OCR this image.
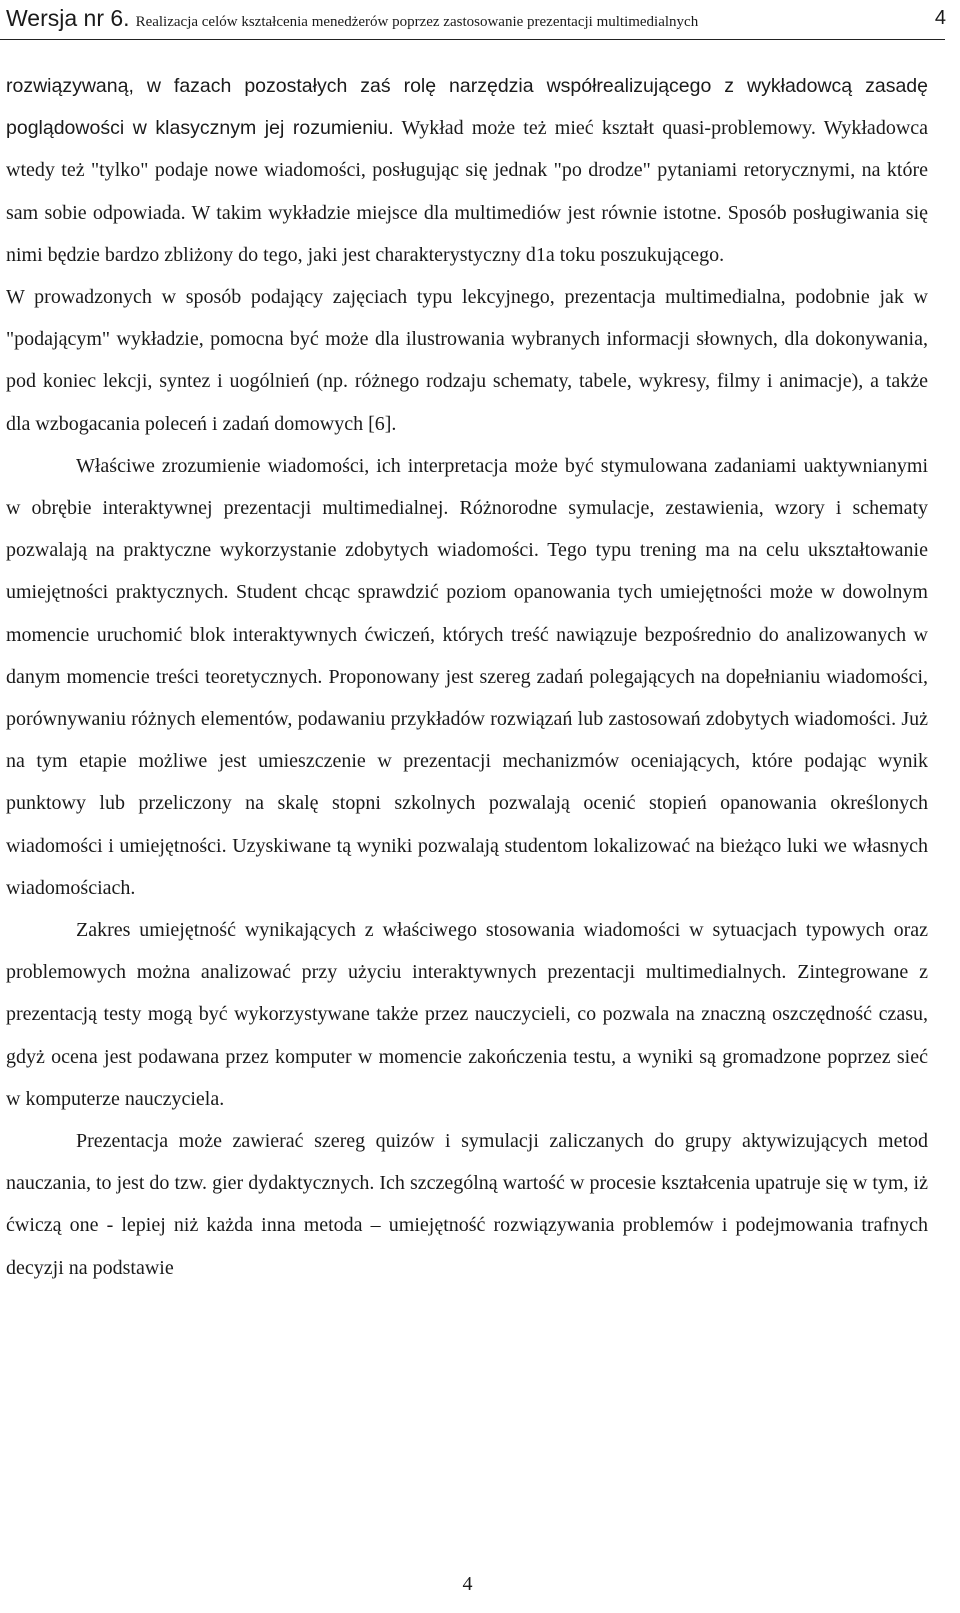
Wersja nr 6. Realizacja celów kształcenia menedżerów poprzez zastosowanie prezentacji multimedialnych	4

rozwiązywaną, w fazach pozostałych zaś rolę narzędzia współrealizującego z wykładowcą zasadę poglądowości w klasycznym jej rozumieniu. Wykład może też mieć kształt quasi-problemowy. Wykładowca wtedy też "tylko" podaje nowe wiadomości, posługując się jednak "po drodze" pytaniami retorycznymi, na które sam sobie odpowiada. W takim wykładzie miejsce dla multimediów jest równie istotne. Sposób posługiwania się nimi będzie bardzo zbliżony do tego, jaki jest charakterystyczny d1a toku poszukującego.

W prowadzonych w sposób podający zajęciach typu lekcyjnego, prezentacja multimedialna, podobnie jak w "podającym" wykładzie, pomocna być może dla ilustrowania wybranych informacji słownych, dla dokonywania, pod koniec lekcji, syntez i uogólnień (np. różnego rodzaju schematy, tabele, wykresy, filmy i animacje), a także dla wzbogacania poleceń i zadań domowych [6].

Właściwe zrozumienie wiadomości, ich interpretacja może być stymulowana zadaniami uaktywnianymi w obrębie interaktywnej prezentacji multimedialnej. Różnorodne symulacje, zestawienia, wzory i schematy pozwalają na praktyczne wykorzystanie zdobytych wiadomości. Tego typu trening ma na celu ukształtowanie umiejętności praktycznych. Student chcąc sprawdzić poziom opanowania tych umiejętności może w dowolnym momencie uruchomić blok interaktywnych ćwiczeń, których treść nawiązuje bezpośrednio do analizowanych w danym momencie treści teoretycznych. Proponowany jest szereg zadań polegających na dopełnianiu wiadomości, porównywaniu różnych elementów, podawaniu przykładów rozwiązań lub zastosowań zdobytych wiadomości. Już na tym etapie możliwe jest umieszczenie w prezentacji mechanizmów oceniających, które podając wynik punktowy lub przeliczony na skalę stopni szkolnych pozwalają ocenić stopień opanowania określonych wiadomości i umiejętności. Uzyskiwane tą wyniki pozwalają studentom lokalizować na bieżąco luki we własnych wiadomościach.

Zakres umiejętność wynikających z właściwego stosowania wiadomości w sytuacjach typowych oraz problemowych można analizować przy użyciu interaktywnych prezentacji multimedialnych. Zintegrowane z prezentacją testy mogą być wykorzystywane także przez nauczycieli, co pozwala na znaczną oszczędność czasu, gdyż ocena jest podawana przez komputer w momencie zakończenia testu, a wyniki są gromadzone poprzez sieć w komputerze nauczyciela.

Prezentacja może zawierać szereg quizów i symulacji zaliczanych do grupy aktywizujących metod nauczania, to jest do tzw. gier dydaktycznych. Ich szczególną wartość w procesie kształcenia upatruje się w tym, iż ćwiczą one - lepiej niż każda inna metoda – umiejętność rozwiązywania problemów i podejmowania trafnych decyzji na podstawie

4
